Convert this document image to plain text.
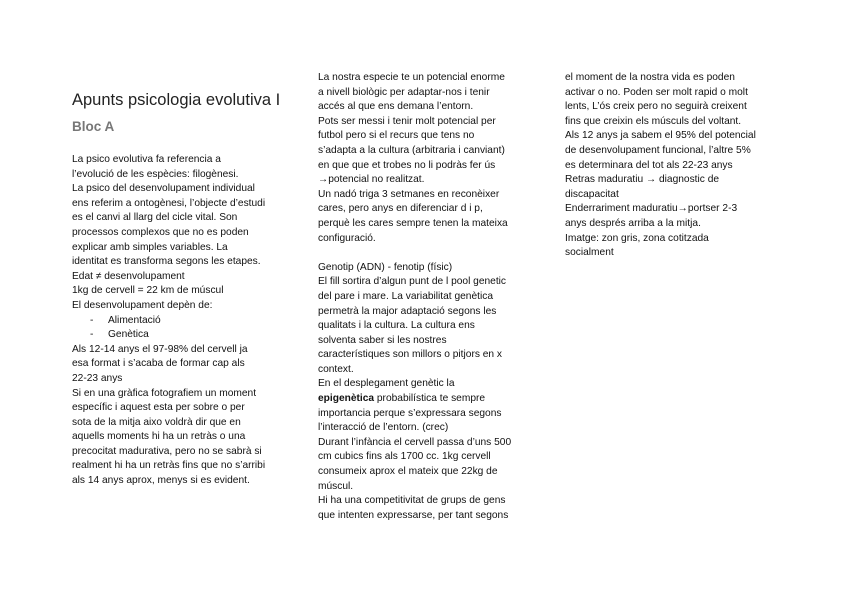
Apunts psicologia evolutiva I
Bloc A

La psico evolutiva fa referencia a

l’evolució de les espècies: filogènesi.

La psico del desenvolupament individual

ens referim a ontogènesi, l’objecte d’estudi

es el canvi al llarg del cicle vital. Son

processos complexos que no es poden

explicar amb simples variables. La

identitat es transforma segons les etapes.

Edat ≠ desenvolupament

1kg de cervell = 22 km de múscul

El desenvolupament depèn de:

- Alimentació

- Genètica

Als 12-14 anys el 97-98% del cervell ja

esa format i s’acaba de formar cap als

22-23 anys

Si en una gràfica fotografiem un moment

específic i aquest esta per sobre o per

sota de la mitja aixo voldrà dir que en

aquells moments hi ha un retràs o una

precocitat madurativa, pero no se sabrà si

realment hi ha un retràs fins que no s’arribi

als 14 anys aprox, menys si es evident.

La nostra especie te un potencial enorme

a nivell biològic per adaptar-nos i tenir

accés al que ens demana l’entorn.

Pots ser messi i tenir molt potencial per

futbol pero si el recurs que tens no

s’adapta a la cultura (arbitraria i canviant)

en que que et trobes no li podràs fer ús

→potencial no realitzat.

Un nadó triga 3 setmanes en reconèixer

cares, pero anys en diferenciar d i p,

perquè les cares sempre tenen la mateixa

configuració.

Genotip (ADN) - fenotip (físic)

El fill sortira d’algun punt de l pool genetic

del pare i mare. La variabilitat genètica

permetrà la major adaptació segons les

qualitats i la cultura. La cultura ens

solventa saber si les nostres

característiques son millors o pitjors en x

context.

En el desplegament genètic la

epigenètica probabilística te sempre

importancia perque s’expressara segons

l’interacció de l’entorn. (crec)

Durant l’infància el cervell passa d’uns 500

cm cubics fins als 1700 cc. 1kg cervell

consumeix aprox el mateix que 22kg de

múscul.

Hi ha una competitivitat de grups de gens

que intenten expressarse, per tant segons

el moment de la nostra vida es poden

activar o no. Poden ser molt rapid o molt

lents, L’ós creix pero no seguirà creixent

fins que creixin els músculs del voltant.

Als 12 anys ja sabem el 95% del potencial

de desenvolupament funcional, l’altre 5%

es determinara del tot als 22-23 anys

Retras maduratiu → diagnostic de

discapacitat

Enderrariment maduratiu→portser 2-3

anys després arriba a la mitja.

Imatge: zon gris, zona cotitzada

socialment
